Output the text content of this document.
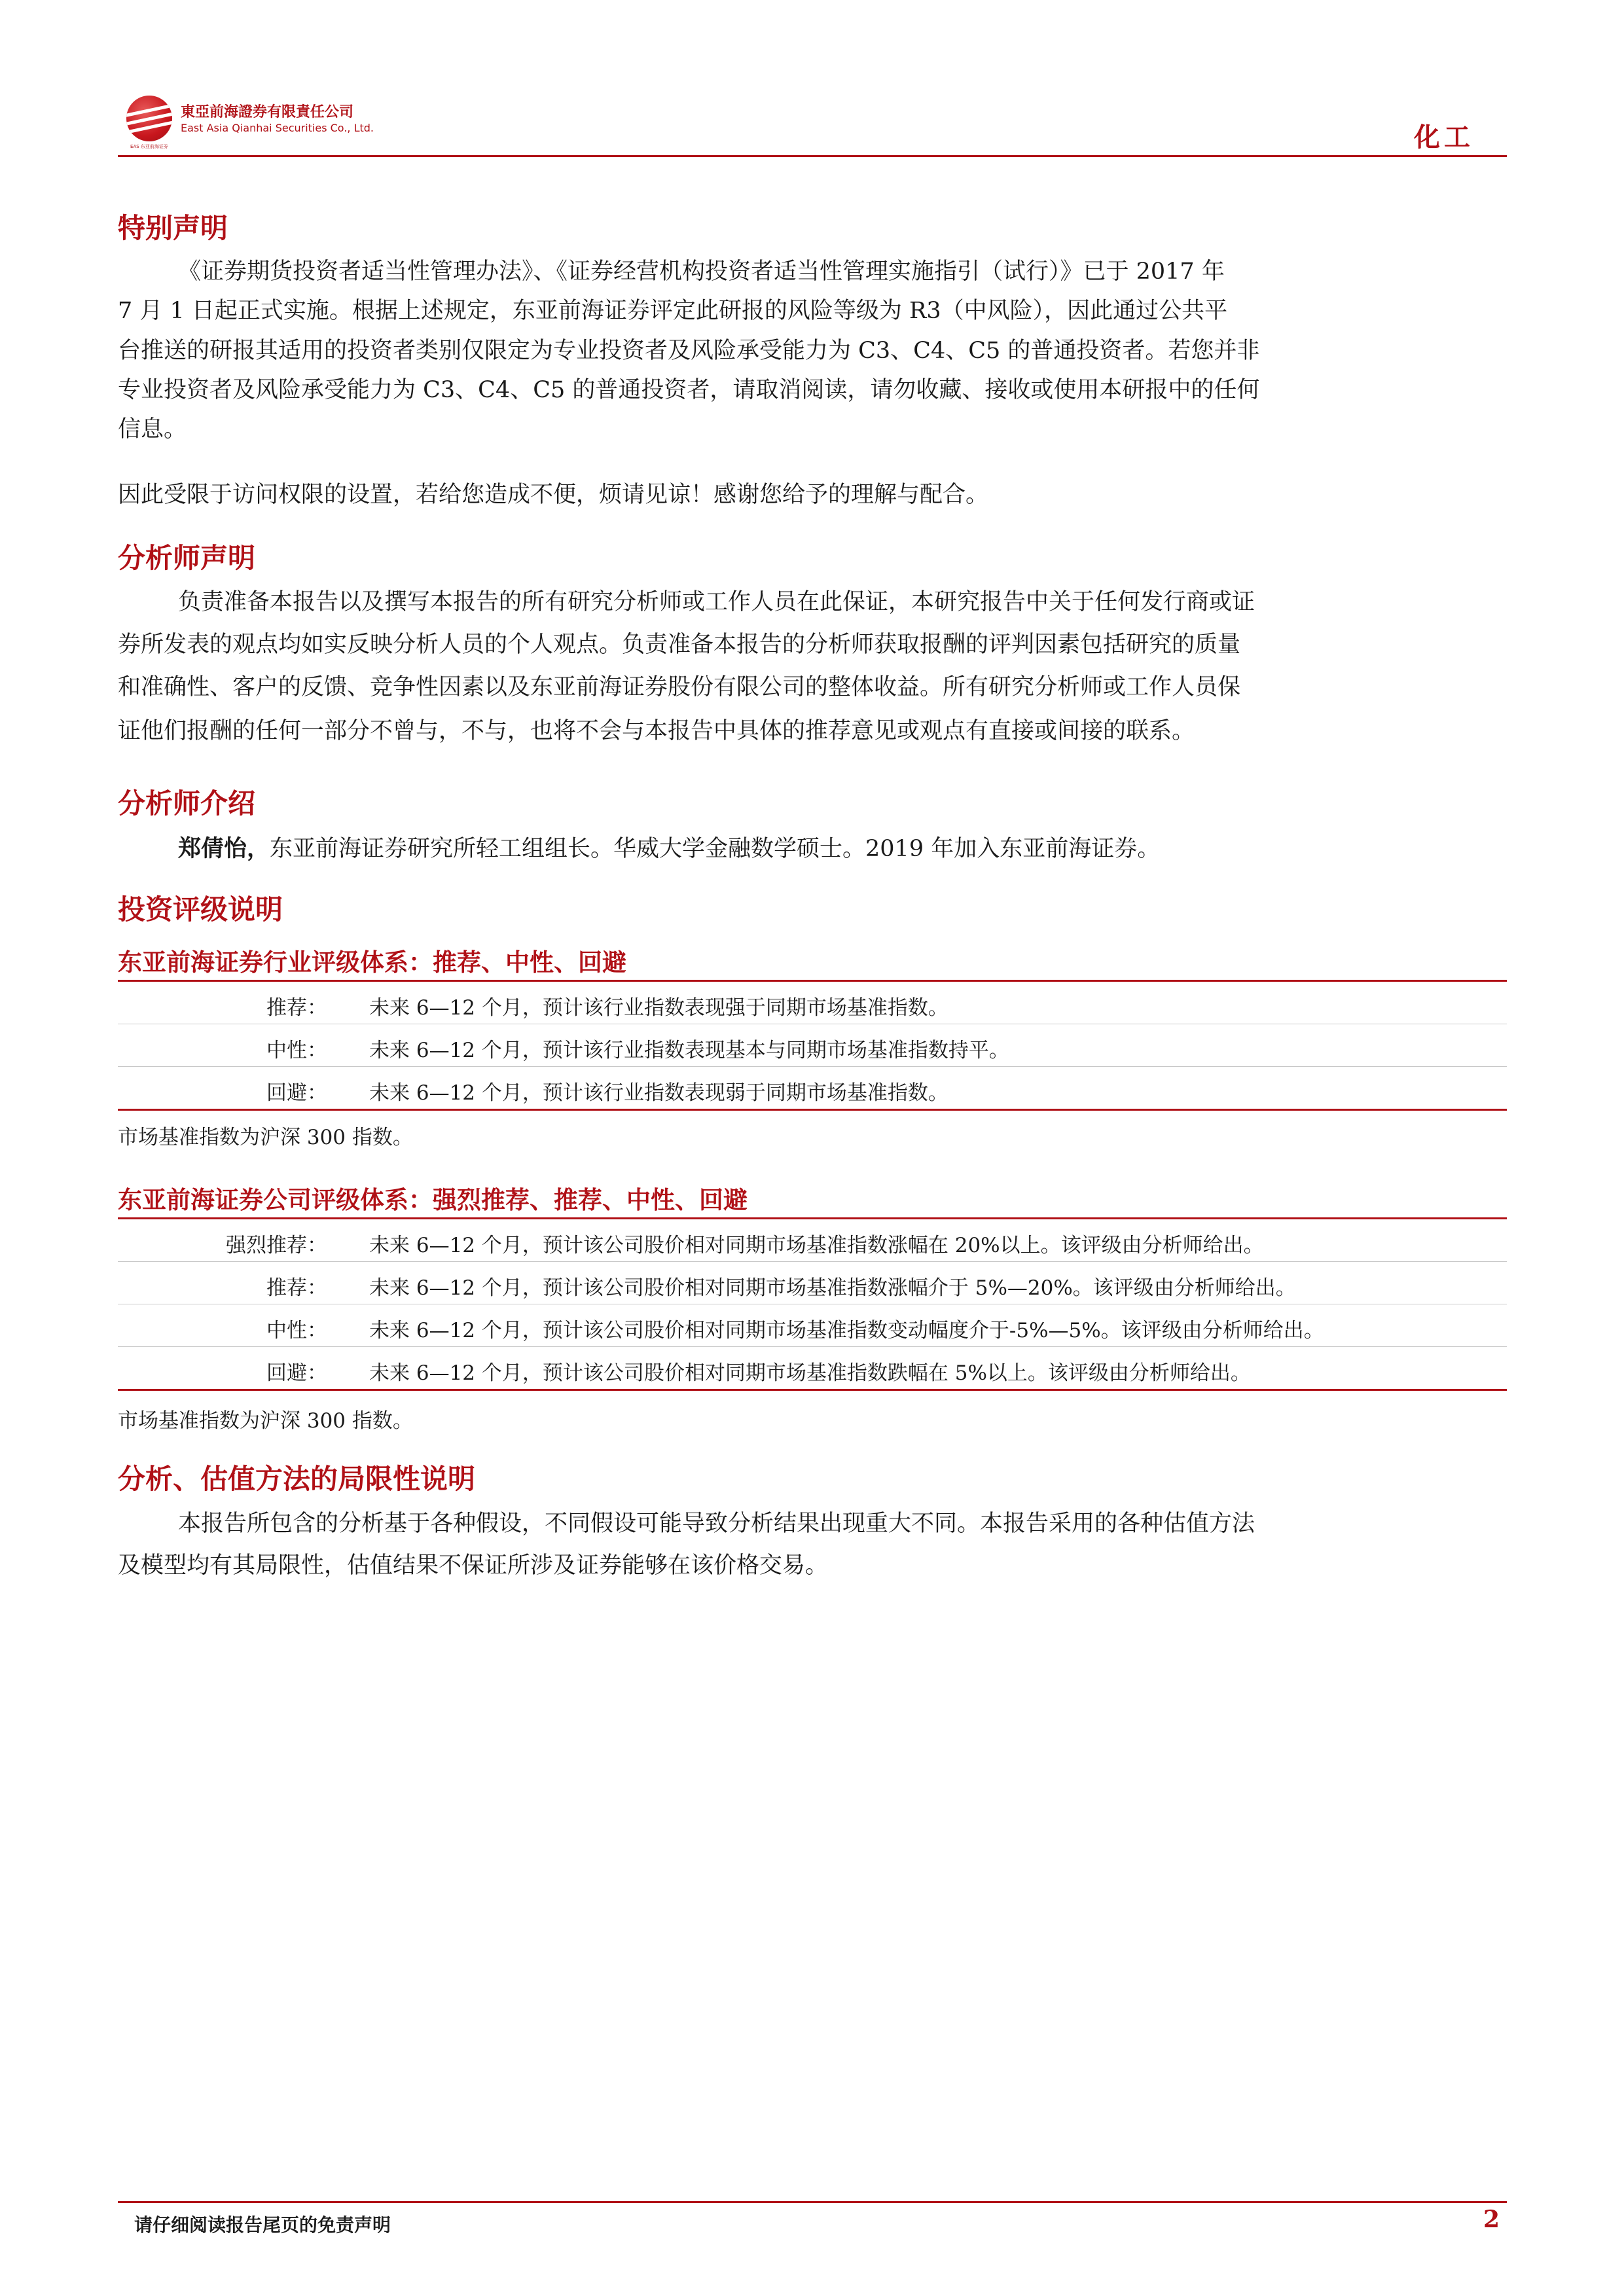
EAS 东亚前海证券
東亞前海證券有限責任公司
East Asia Qianhai Securities Co., Ltd.	化工
特别声明
《证券期货投资者适当性管理办法》、《证券经营机构投资者适当性管理实施指引（试行）》已于 2017 年
7 月 1 日起正式实施。根据上述规定，东亚前海证券评定此研报的风险等级为 R3（中风险），因此通过公共平
台推送的研报其适用的投资者类别仅限定为专业投资者及风险承受能力为 C3、C4、C5 的普通投资者。若您并非
专业投资者及风险承受能力为 C3、C4、C5 的普通投资者，请取消阅读，请勿收藏、接收或使用本研报中的任何
信息。
因此受限于访问权限的设置，若给您造成不便，烦请见谅！感谢您给予的理解与配合。
分析师声明
负责准备本报告以及撰写本报告的所有研究分析师或工作人员在此保证，本研究报告中关于任何发行商或证
券所发表的观点均如实反映分析人员的个人观点。负责准备本报告的分析师获取报酬的评判因素包括研究的质量
和准确性、客户的反馈、竞争性因素以及东亚前海证券股份有限公司的整体收益。所有研究分析师或工作人员保
证他们报酬的任何一部分不曾与，不与，也将不会与本报告中具体的推荐意见或观点有直接或间接的联系。
分析师介绍
郑倩怡，东亚前海证券研究所轻工组组长。华威大学金融数学硕士。2019 年加入东亚前海证券。
投资评级说明
东亚前海证券行业评级体系：推荐、中性、回避
推荐： 未来 6—12 个月，预计该行业指数表现强于同期市场基准指数。
中性： 未来 6—12 个月，预计该行业指数表现基本与同期市场基准指数持平。
回避： 未来 6—12 个月，预计该行业指数表现弱于同期市场基准指数。
市场基准指数为沪深 300 指数。
东亚前海证券公司评级体系：强烈推荐、推荐、中性、回避
强烈推荐： 未来 6—12 个月，预计该公司股价相对同期市场基准指数涨幅在 20%以上。该评级由分析师给出。
推荐： 未来 6—12 个月，预计该公司股价相对同期市场基准指数涨幅介于 5%—20%。该评级由分析师给出。
中性： 未来 6—12 个月，预计该公司股价相对同期市场基准指数变动幅度介于-5%—5%。该评级由分析师给出。
回避： 未来 6—12 个月，预计该公司股价相对同期市场基准指数跌幅在 5%以上。该评级由分析师给出。
市场基准指数为沪深 300 指数。
分析、估值方法的局限性说明
本报告所包含的分析基于各种假设，不同假设可能导致分析结果出现重大不同。本报告采用的各种估值方法
及模型均有其局限性，估值结果不保证所涉及证券能够在该价格交易。
请仔细阅读报告尾页的免责声明	2
